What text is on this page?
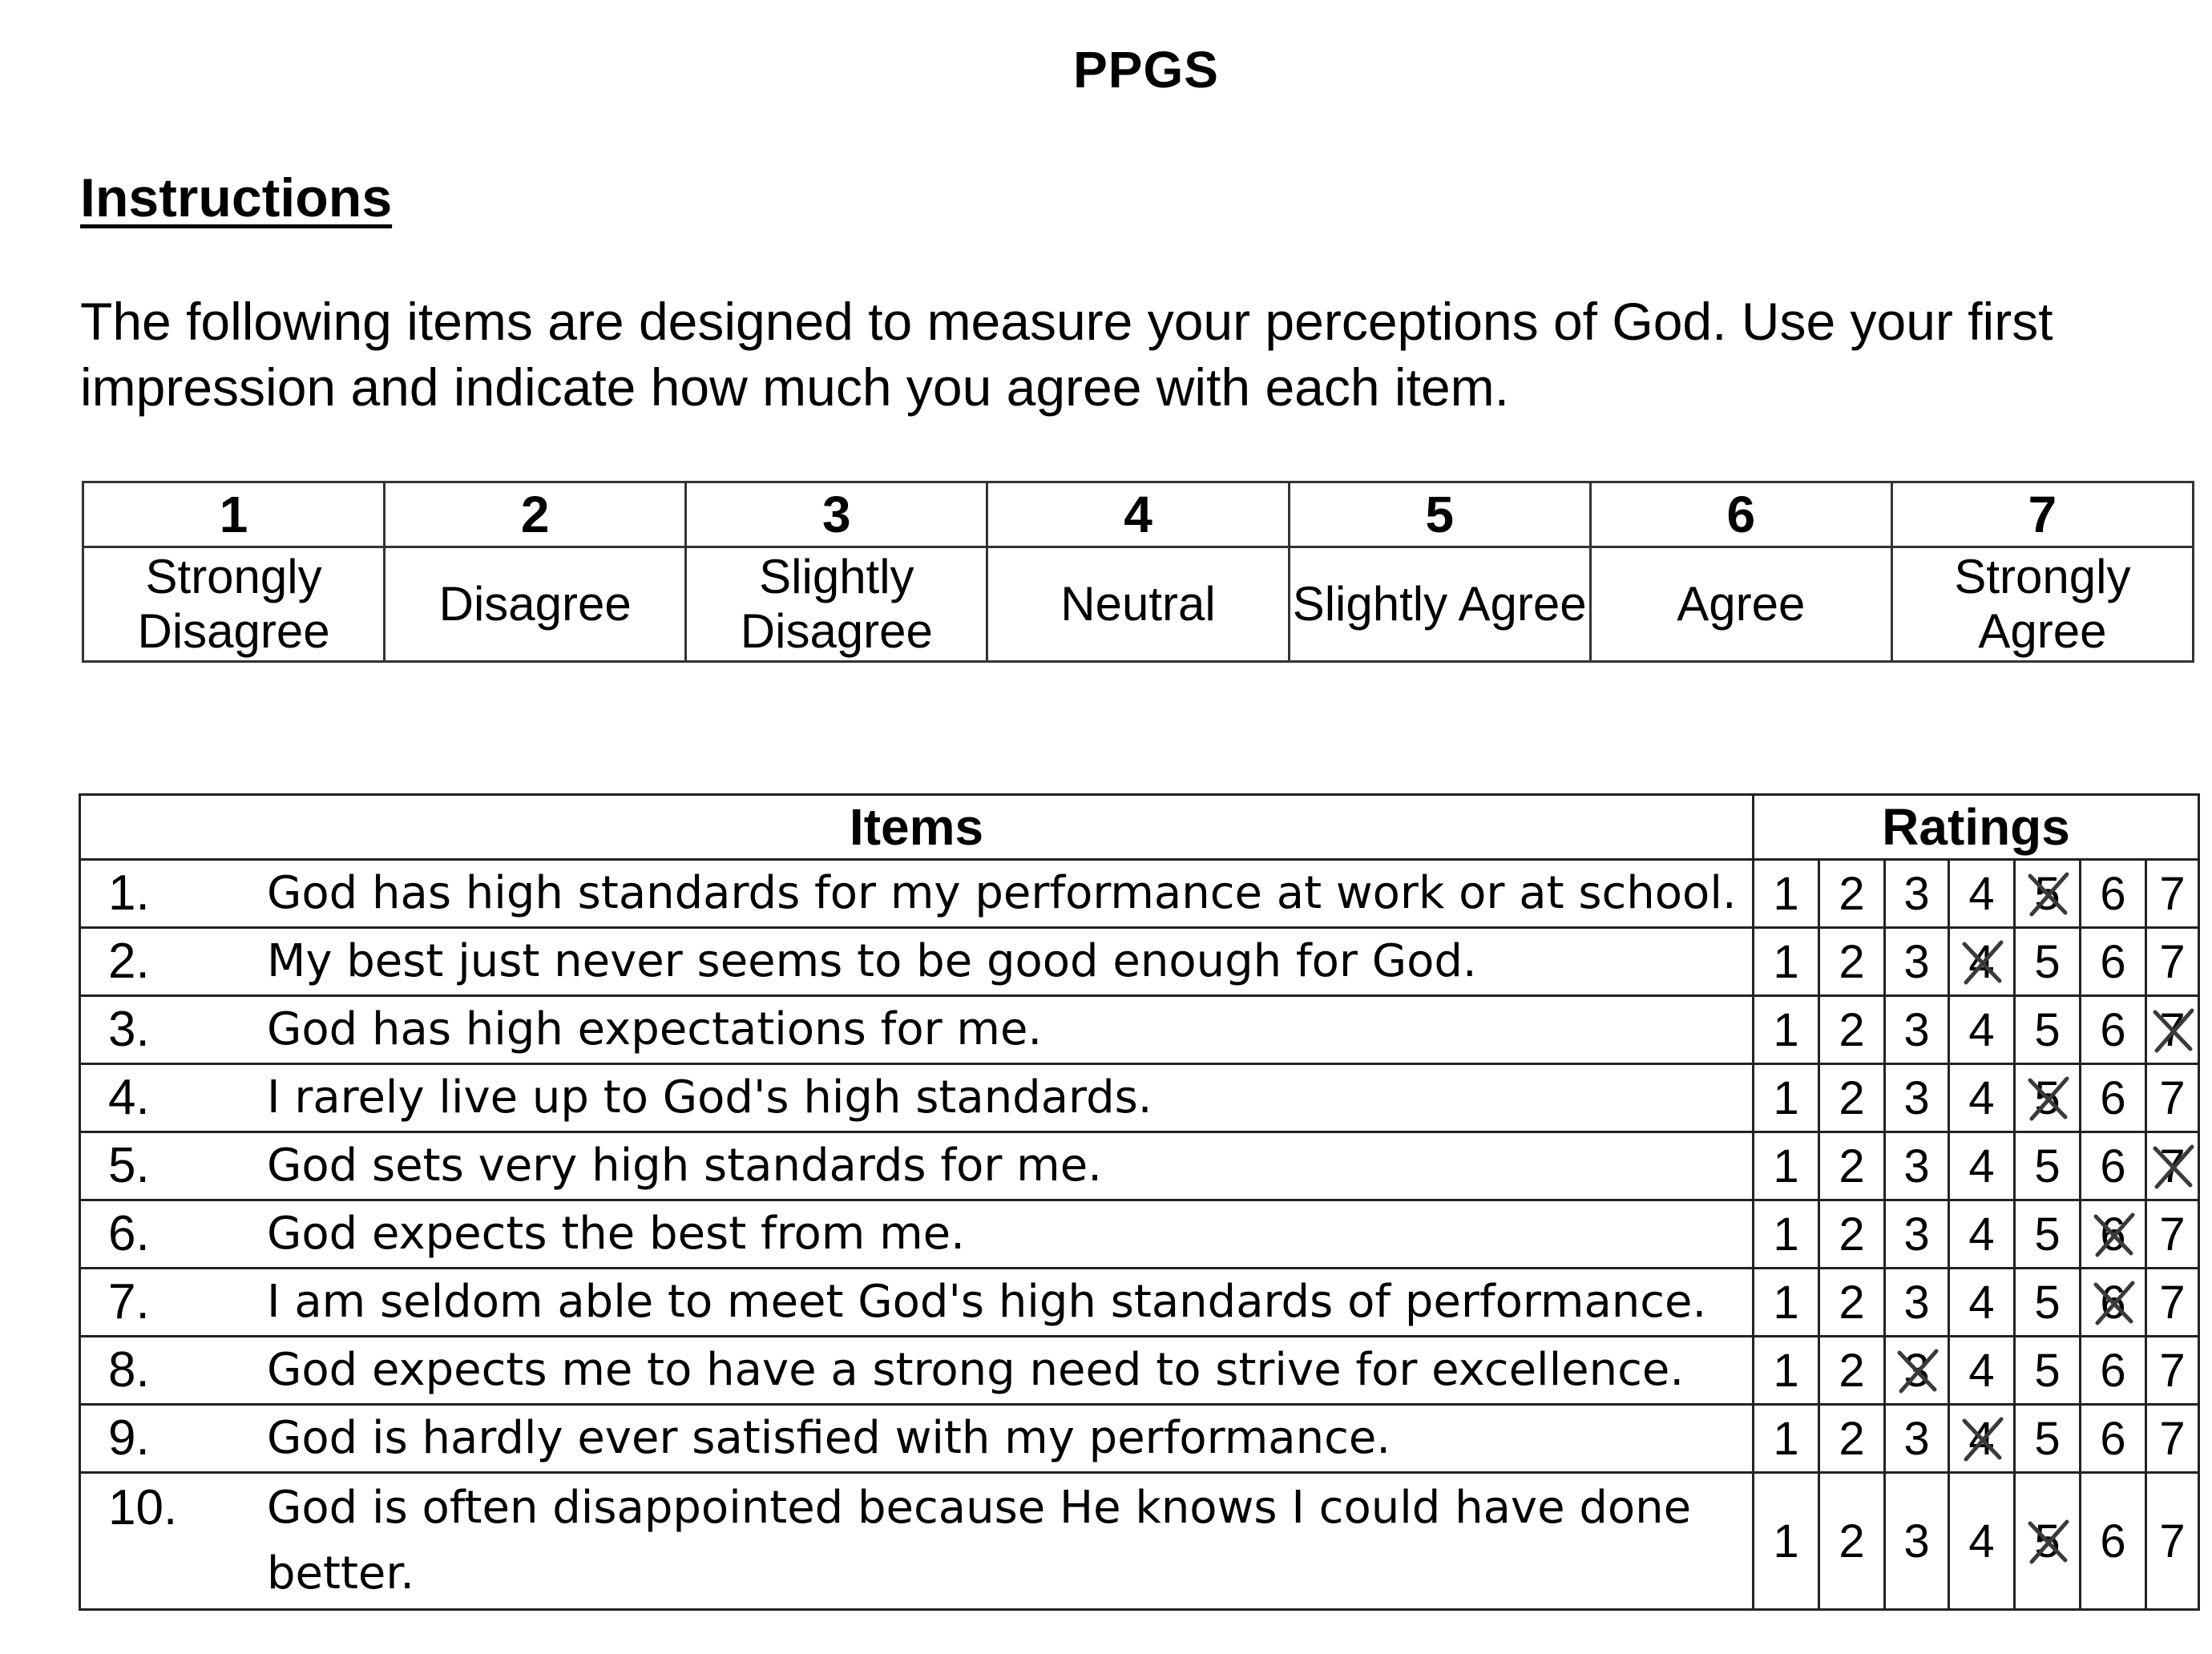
PPGS
Instructions
The following items are designed to measure your perceptions of God. Use your first impression and indicate how much you agree with each item.
1	2	3	4	5	6	7
Strongly Disagree	Disagree	Slightly Disagree	Neutral	Slightly Agree	Agree	Strongly Agree
Items	Ratings						

1. God has high standards for my performance at work or at school.	1	2	3	4	5	6	7

2. My best just never seems to be good enough for God.	1	2	3	4	5	6	7

3. God has high expectations for me.	1	2	3	4	5	6	7

4. I rarely live up to God's high standards.	1	2	3	4	5	6	7

5. God sets very high standards for me.	1	2	3	4	5	6	7

6. God expects the best from me.	1	2	3	4	5	6	7

7. I am seldom able to meet God's high standards of performance.	1	2	3	4	5	6	7

8. God expects me to have a strong need to strive for excellence.	1	2	3	4	5	6	7

9. God is hardly ever satisfied with my performance.	1	2	3	4	5	6	7

10. God is often disappointed because He knows I could have done better.	1	2	3	4	5	6	7
